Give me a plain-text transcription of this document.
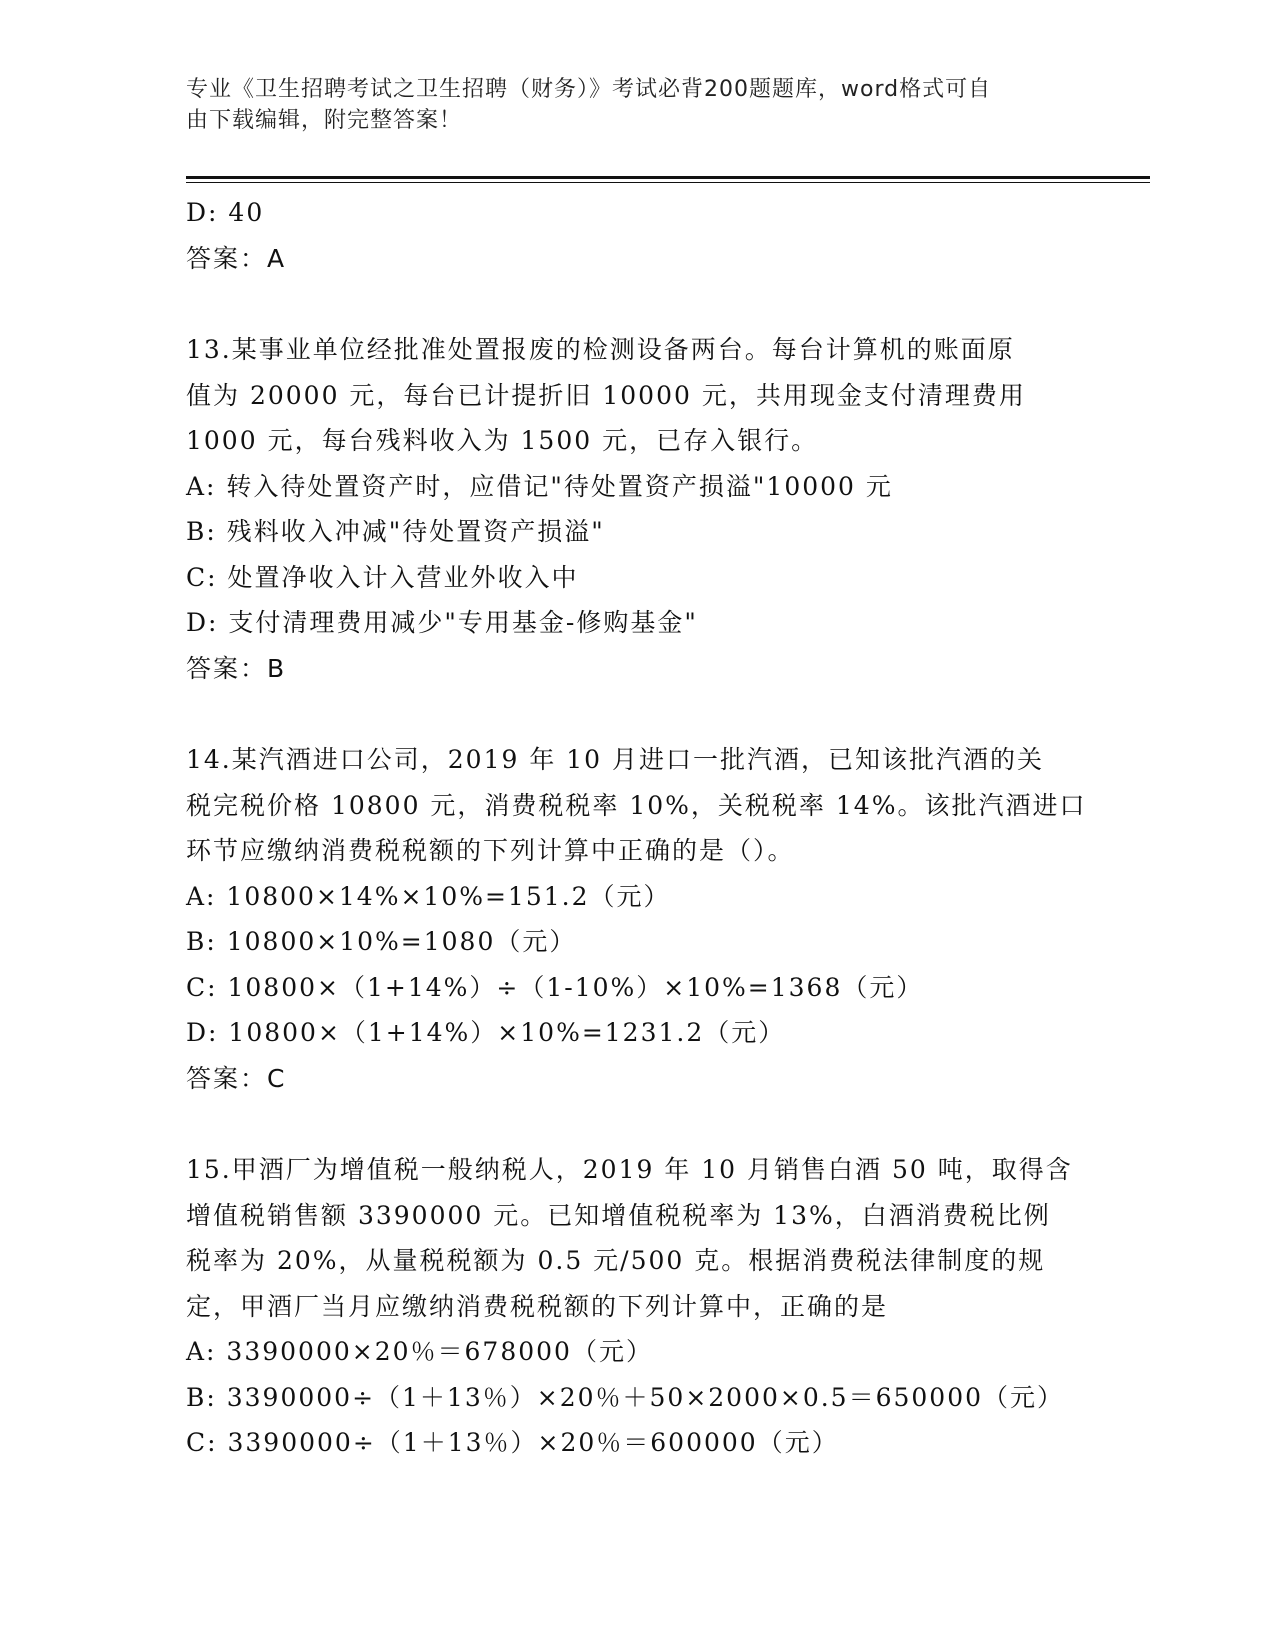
专业《卫生招聘考试之卫生招聘（财务）》考试必背200题题库，word格式可自
由下载编辑，附完整答案！
D: 40
答案：A
13.某事业单位经批准处置报废的检测设备两台。每台计算机的账面原
值为 20000 元，每台已计提折旧 10000 元，共用现金支付清理费用
1000 元，每台残料收入为 1500 元，已存入银行。
A: 转入待处置资产时，应借记"待处置资产损溢"10000 元
B: 残料收入冲减"待处置资产损溢"
C: 处置净收入计入营业外收入中
D: 支付清理费用减少"专用基金-修购基金"
答案：B
14.某汽酒进口公司，2019 年 10 月进口一批汽酒，已知该批汽酒的关
税完税价格 10800 元，消费税税率 10%，关税税率 14%。该批汽酒进口
环节应缴纳消费税税额的下列计算中正确的是（）。
A: 10800×14%×10%=151.2（元）
B: 10800×10%=1080（元）
C: 10800×（1+14%）÷（1-10%）×10%=1368（元）
D: 10800×（1+14%）×10%=1231.2（元）
答案：C
15.甲酒厂为增值税一般纳税人，2019 年 10 月销售白酒 50 吨，取得含
增值税销售额 3390000 元。已知增值税税率为 13%，白酒消费税比例
税率为 20%，从量税税额为 0.5 元/500 克。根据消费税法律制度的规
定，甲酒厂当月应缴纳消费税税额的下列计算中，正确的是
A: 3390000×20％＝678000（元）
B: 3390000÷（1＋13％）×20％＋50×2000×0.5＝650000（元）
C: 3390000÷（1＋13％）×20％＝600000（元）
